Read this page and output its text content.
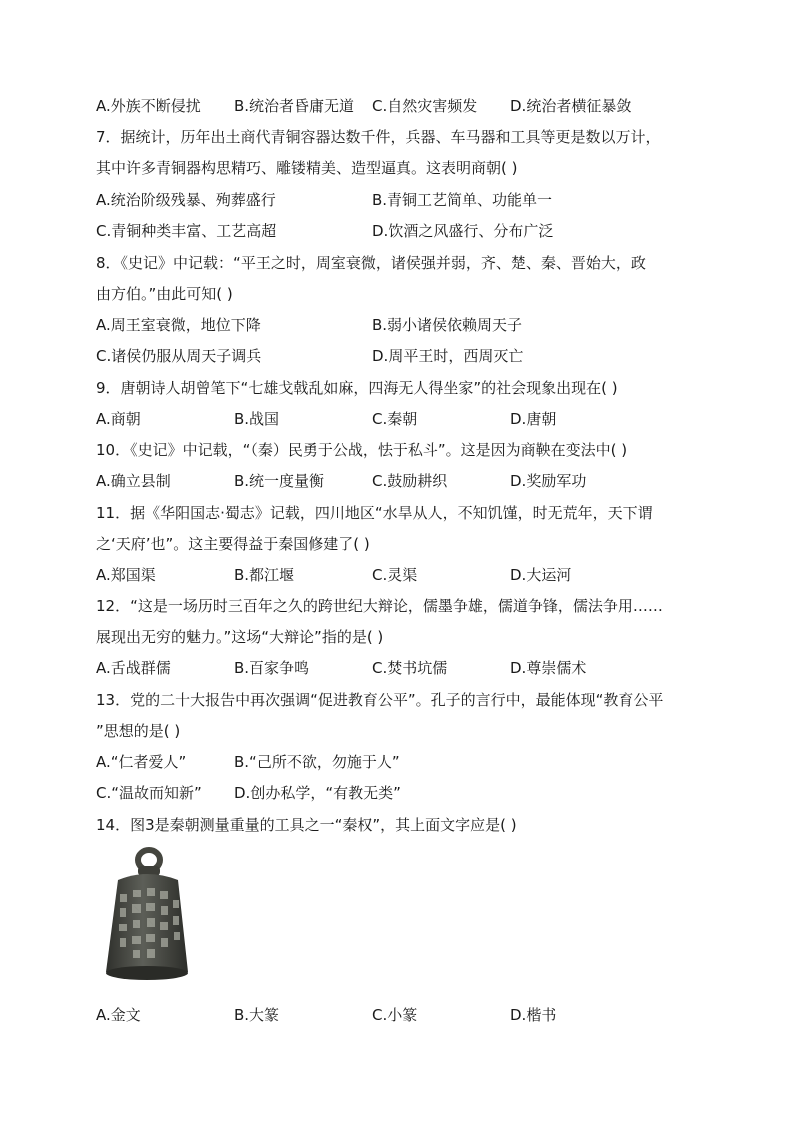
A.外族不断侵扰 B.统治者昏庸无道 C.自然灾害频发 D.统治者横征暴敛
7．据统计，历年出土商代青铜容器达数千件，兵器、车马器和工具等更是数以万计，
其中许多青铜器构思精巧、雕镂精美、造型逼真。这表明商朝( )
A.统治阶级残暴、殉葬盛行	B.青铜工艺简单、功能单一
C.青铜种类丰富、工艺高超	D.饮酒之风盛行、分布广泛
8．《史记》中记载：“平王之时，周室衰微，诸侯强并弱，齐、楚、秦、晋始大，政
由方伯。”由此可知( )
A.周王室衰微，地位下降	B.弱小诸侯依赖周天子
C.诸侯仍服从周天子调兵	D.周平王时，西周灭亡
9．唐朝诗人胡曾笔下“七雄戈戟乱如麻，四海无人得坐家”的社会现象出现在( )
A.商朝	B.战国	C.秦朝	D.唐朝
10．《史记》中记载，“（秦）民勇于公战，怯于私斗”。这是因为商鞅在变法中( )
A.确立县制	B.统一度量衡	C.鼓励耕织	D.奖励军功
11．据《华阳国志·蜀志》记载，四川地区“水旱从人，不知饥馑，时无荒年，天下谓
之‘天府’也”。这主要得益于秦国修建了( )
A.郑国渠	B.都江堰	C.灵渠	D.大运河
12．“这是一场历时三百年之久的跨世纪大辩论，儒墨争雄，儒道争锋，儒法争用……
展现出无穷的魅力。”这场“大辩论”指的是( )
A.舌战群儒	B.百家争鸣	C.焚书坑儒	D.尊崇儒术
13．党的二十大报告中再次强调“促进教育公平”。孔子的言行中，最能体现“教育公平
”思想的是( )
A.“仁者爱人”	B.“己所不欲，勿施于人”
C.“温故而知新” D.创办私学，“有教无类”
14．图3是秦朝测量重量的工具之一“秦权”，其上面文字应是( )
A.金文	B.大篆	C.小篆	D.楷书
